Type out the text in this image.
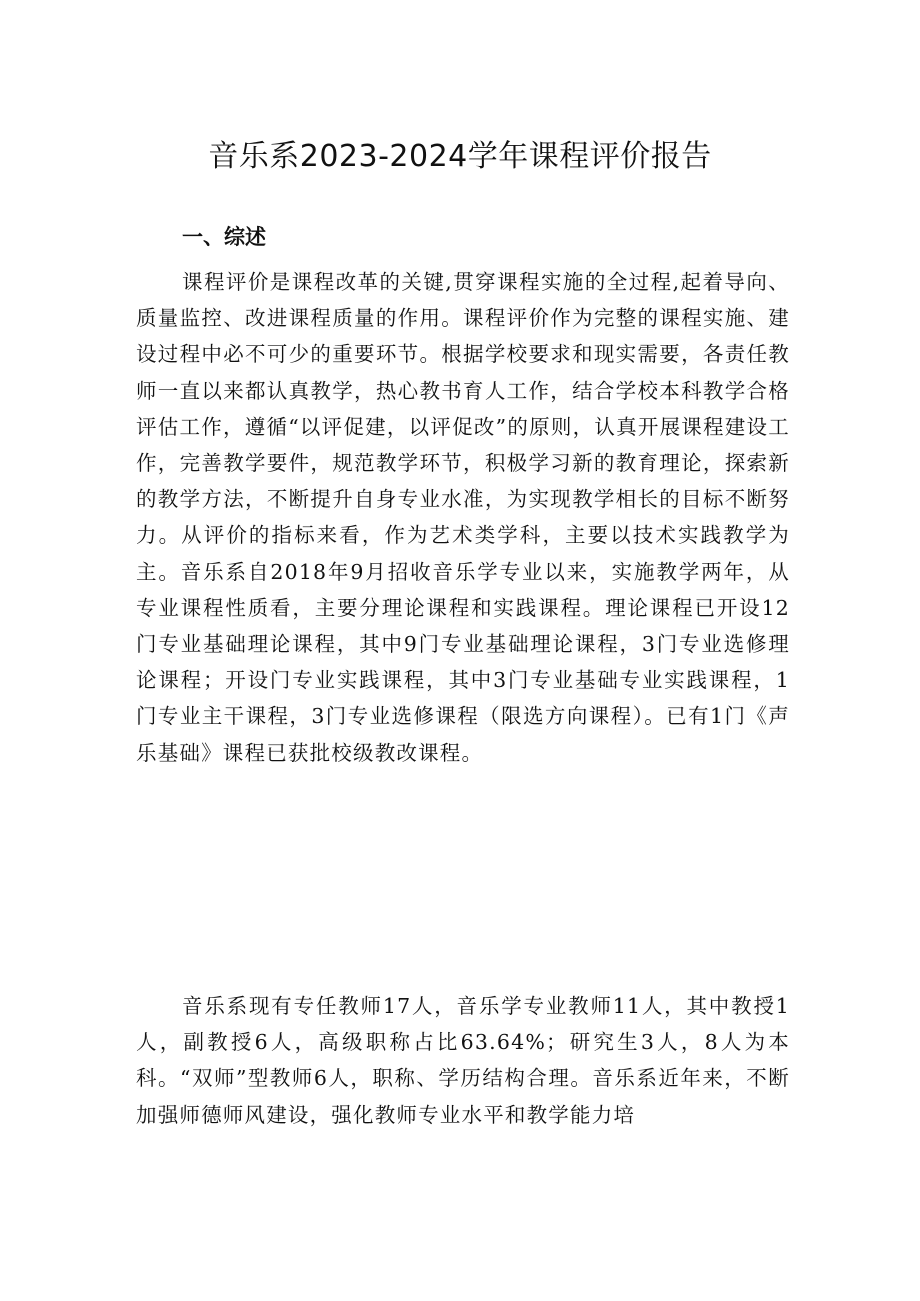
音乐系2023-2024学年课程评价报告
一、综述

课程评价是课程改革的关键,贯穿课程实施的全过程,起着导向、质量监控、改进课程质量的作用。课程评价作为完整的课程实施、建设过程中必不可少的重要环节。根据学校要求和现实需要，各责任教师一直以来都认真教学，热心教书育人工作，结合学校本科教学合格评估工作，遵循“以评促建，以评促改”的原则，认真开展课程建设工作，完善教学要件，规范教学环节，积极学习新的教育理论，探索新的教学方法，不断提升自身专业水准，为实现教学相长的目标不断努力。从评价的指标来看，作为艺术类学科，主要以技术实践教学为主。音乐系自2018年9月招收音乐学专业以来，实施教学两年，从专业课程性质看，主要分理论课程和实践课程。理论课程已开设12门专业基础理论课程，其中9门专业基础理论课程，3门专业选修理论课程；开设门专业实践课程，其中3门专业基础专业实践课程，1门专业主干课程，3门专业选修课程（限选方向课程）。已有1门《声乐基础》课程已获批校级教改课程。

音乐系现有专任教师17人，音乐学专业教师11人，其中教授1人，副教授6人，高级职称占比63.64%；研究生3人，8人为本科。“双师”型教师6人，职称、学历结构合理。音乐系近年来，不断加强师德师风建设，强化教师专业水平和教学能力培
